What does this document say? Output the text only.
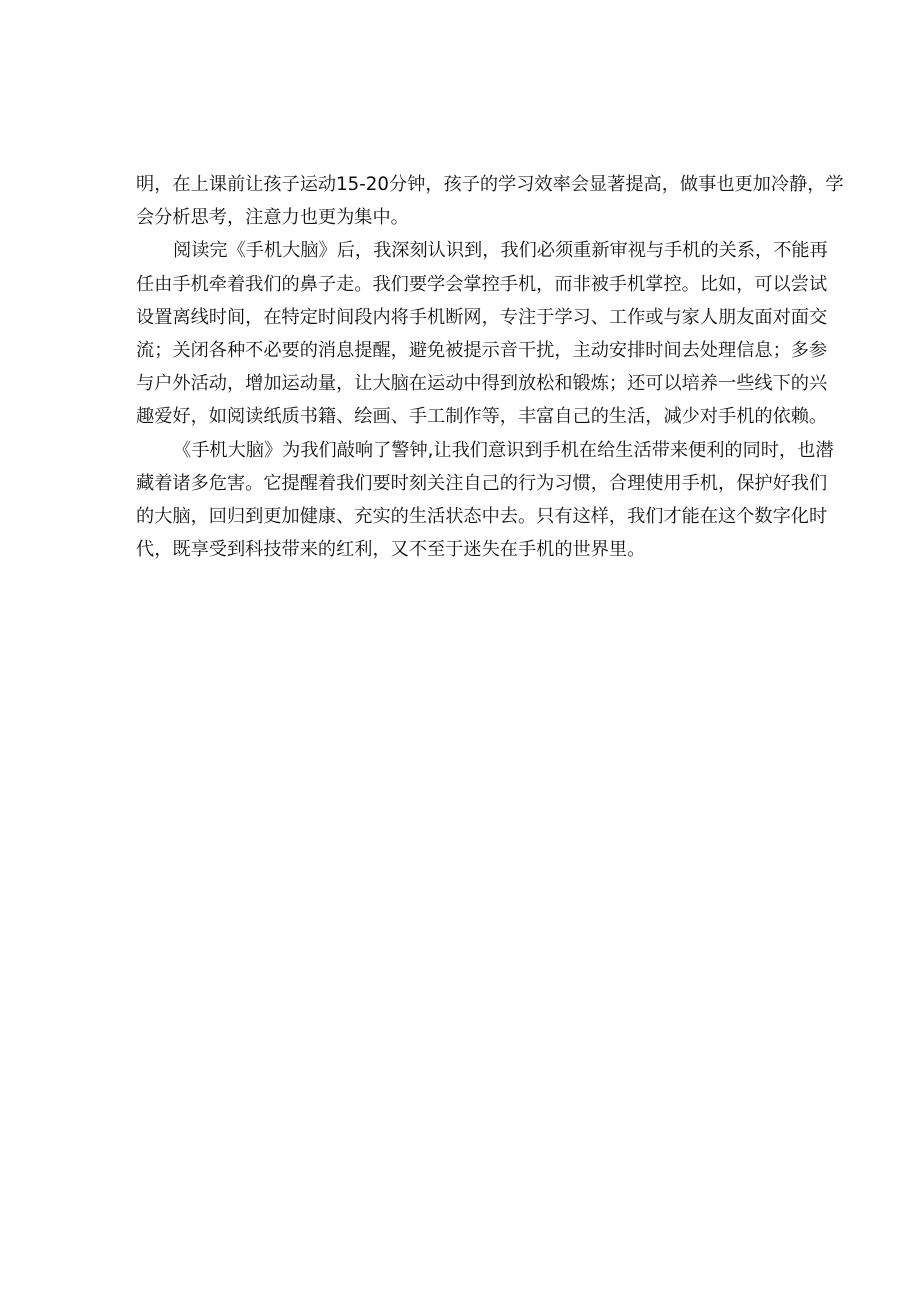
明，在上课前让孩子运动15-20分钟，孩子的学习效率会显著提高，做事也更加冷静，学
会分析思考，注意力也更为集中。

阅读完《手机大脑》后，我深刻认识到，我们必须重新审视与手机的关系，不能再
任由手机牵着我们的鼻子走。我们要学会掌控手机，而非被手机掌控。比如，可以尝试
设置离线时间，在特定时间段内将手机断网，专注于学习、工作或与家人朋友面对面交
流；关闭各种不必要的消息提醒，避免被提示音干扰，主动安排时间去处理信息；多参
与户外活动，增加运动量，让大脑在运动中得到放松和锻炼；还可以培养一些线下的兴
趣爱好，如阅读纸质书籍、绘画、手工制作等，丰富自己的生活，减少对手机的依赖。

《手机大脑》为我们敲响了警钟,让我们意识到手机在给生活带来便利的同时，也潜
藏着诸多危害。它提醒着我们要时刻关注自己的行为习惯，合理使用手机，保护好我们
的大脑，回归到更加健康、充实的生活状态中去。只有这样，我们才能在这个数字化时
代，既享受到科技带来的红利，又不至于迷失在手机的世界里。
